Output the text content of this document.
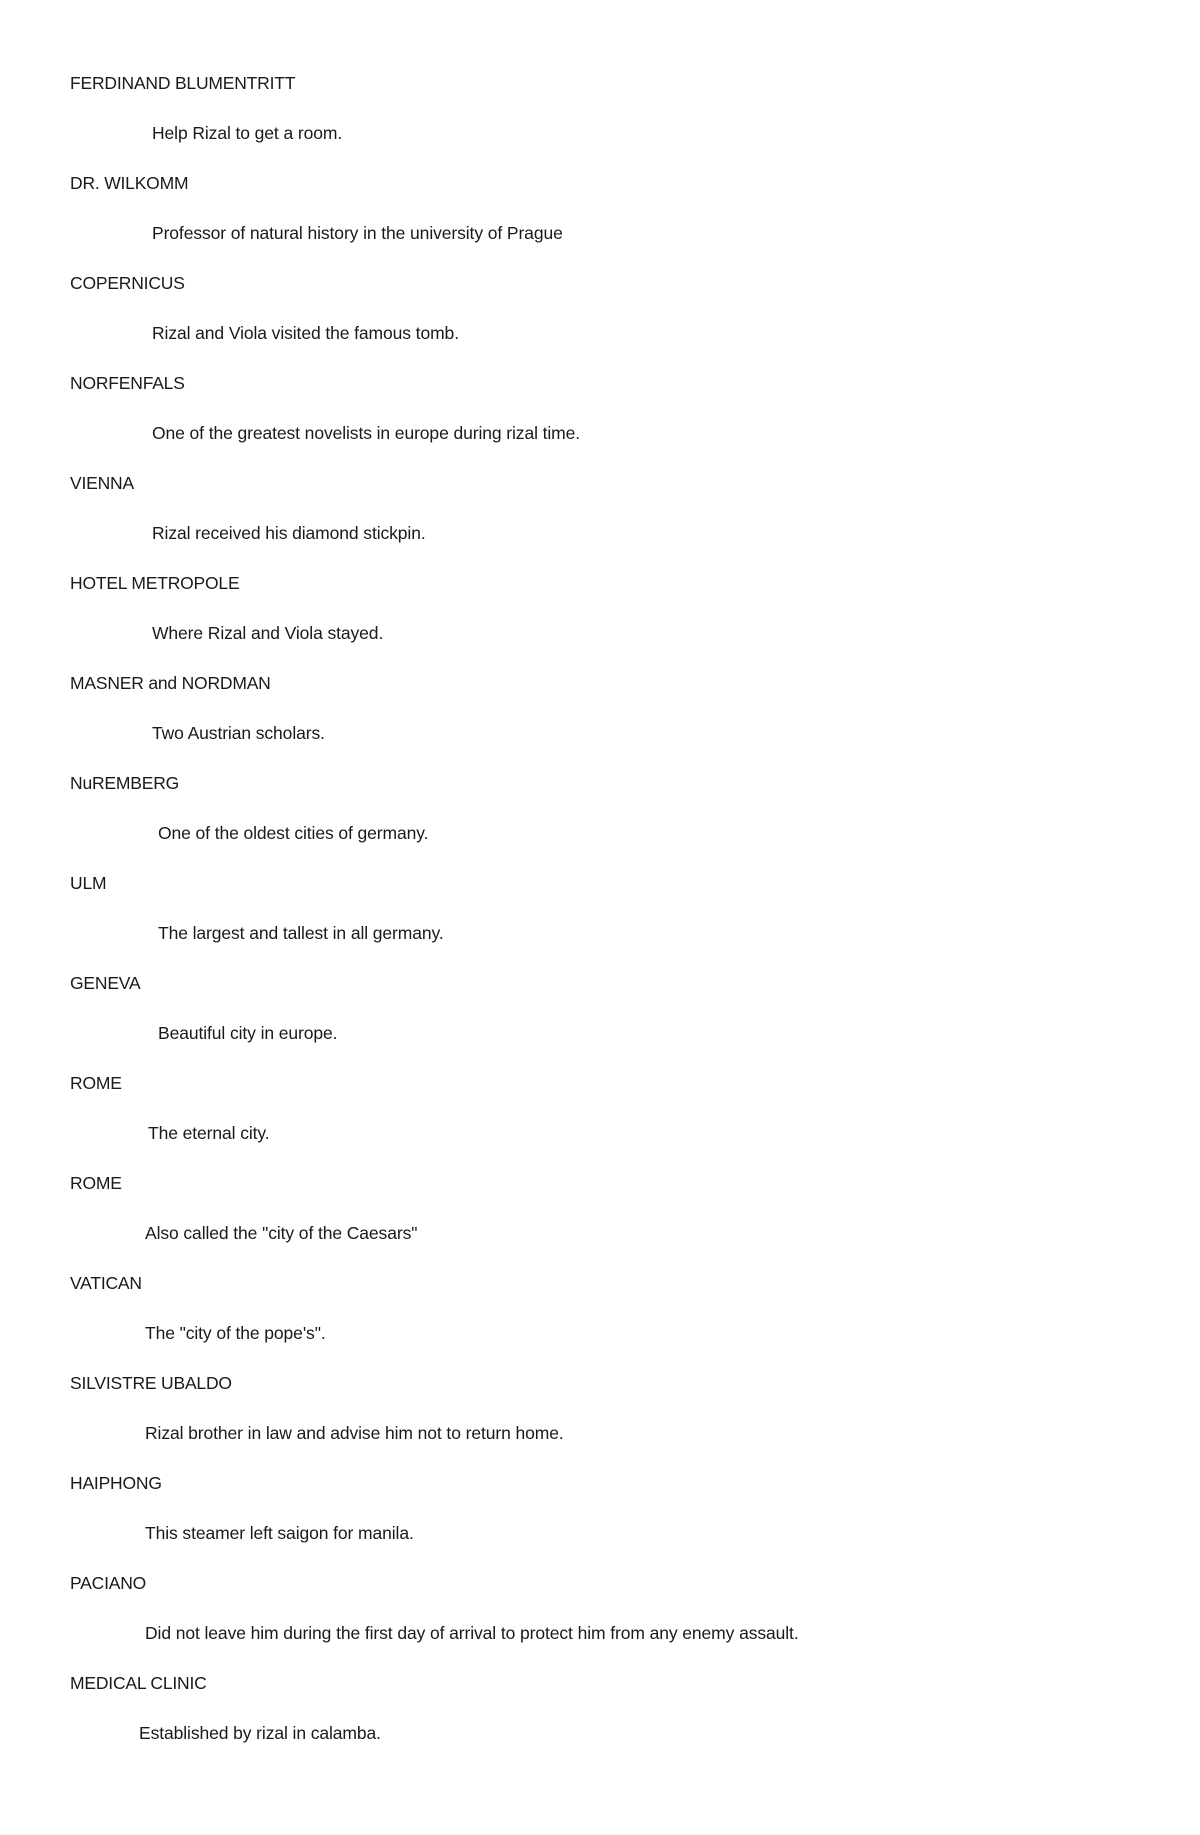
FERDINAND BLUMENTRITT
Help Rizal to get a room.
DR. WILKOMM
Professor of natural history in the university of Prague
COPERNICUS
Rizal and Viola visited the famous tomb.
NORFENFALS
One of the greatest novelists in europe during rizal time.
VIENNA
Rizal received his diamond stickpin.
HOTEL METROPOLE
Where Rizal and Viola stayed.
MASNER and NORDMAN
Two Austrian scholars.
NuREMBERG
One of the oldest cities of germany.
ULM
The largest and tallest in all germany.
GENEVA
Beautiful city in europe.
ROME
The eternal city.
ROME
Also called the "city of the Caesars"
VATICAN
The "city of the pope's".
SILVISTRE UBALDO
Rizal brother in law and advise him not to return home.
HAIPHONG
This steamer left saigon for manila.
PACIANO
Did not leave him during the first day of arrival to protect him from any enemy assault.
MEDICAL CLINIC
Established by rizal in calamba.
